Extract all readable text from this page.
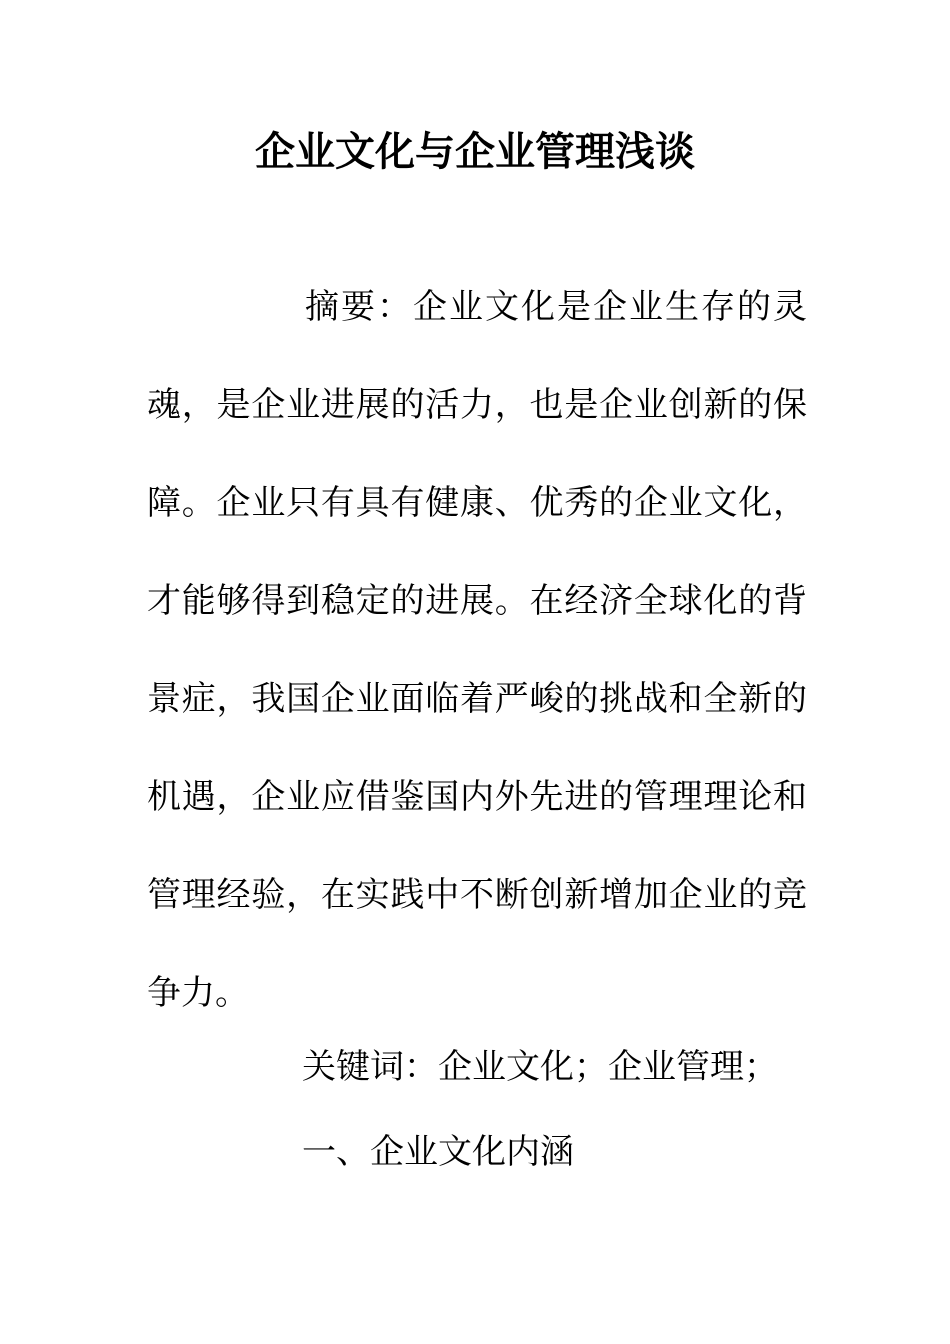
企业文化与企业管理浅谈

摘要：企业文化是企业生存的灵魂，是企业进展的活力，也是企业创新的保障。企业只有具有健康、优秀的企业文化，才能够得到稳定的进展。在经济全球化的背景症，我国企业面临着严峻的挑战和全新的机遇，企业应借鉴国内外先进的管理理论和管理经验，在实践中不断创新增加企业的竞争力。

关键词：企业文化；企业管理；
一、企业文化内涵
